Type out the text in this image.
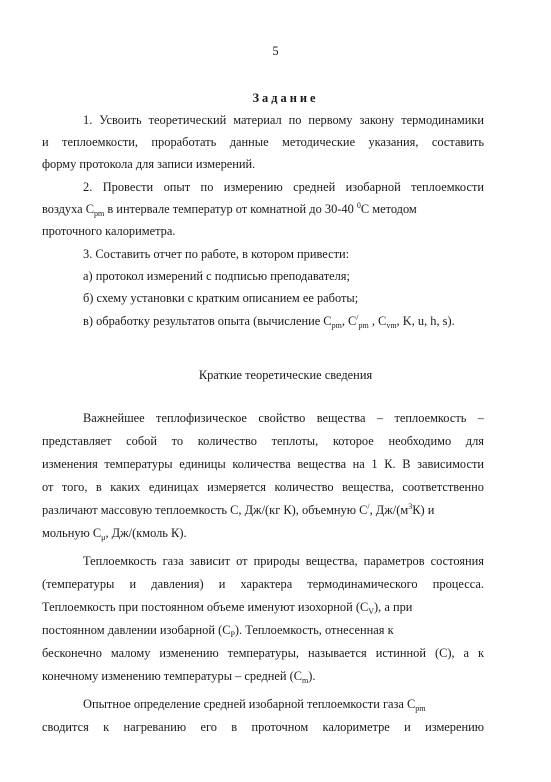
5
Задание
1. Усвоить теоретический материал по первому закону термодинамики
и теплоемкости, проработать данные методические указания, составить
форму протокола для записи измерений.
2. Провести опыт по измерению средней изобарной теплоемкости
воздуха $C_{pm}$ в интервале температур от комнатной до 30-40 $^0$С методом
проточного калориметра.
3. Составить отчет по работе, в котором привести:
а) протокол измерений с подписью преподавателя;
б) схему установки с кратким описанием ее работы;
в) обработку результатов опыта (вычисление $C_{pm}$, $C^/_{pm}$ , $C_{vm}$, K, u, h, s).
Краткие теоретические сведения
Важнейшее теплофизическое свойство вещества – теплоемкость –
представляет собой то количество теплоты, которое необходимо для
изменения температуры единицы количества вещества на 1 К. В зависимости
от того, в каких единицах измеряется количество вещества, соответственно
различают массовую теплоемкость С, Дж/(кг К), объемную С/, $Дж/(м^3К)$ и
мольную $С_\mu$, Дж/(кмоль К).
Теплоемкость газа зависит от природы вещества, параметров состояния
(температуры и давления) и характера термодинамического процесса.
Теплоемкость при постоянном объеме именуют изохорной $(C_V)$, а при
постоянном давлении изобарной $(C_P)$. Теплоемкость, отнесенная к
бесконечно малому изменению температуры, называется истинной (С), а к
конечному изменению температуры – средней $(С_m)$.
Опытное определение средней изобарной теплоемкости газа $C_{pm}$
сводится к нагреванию его в проточном калориметре и измерению
